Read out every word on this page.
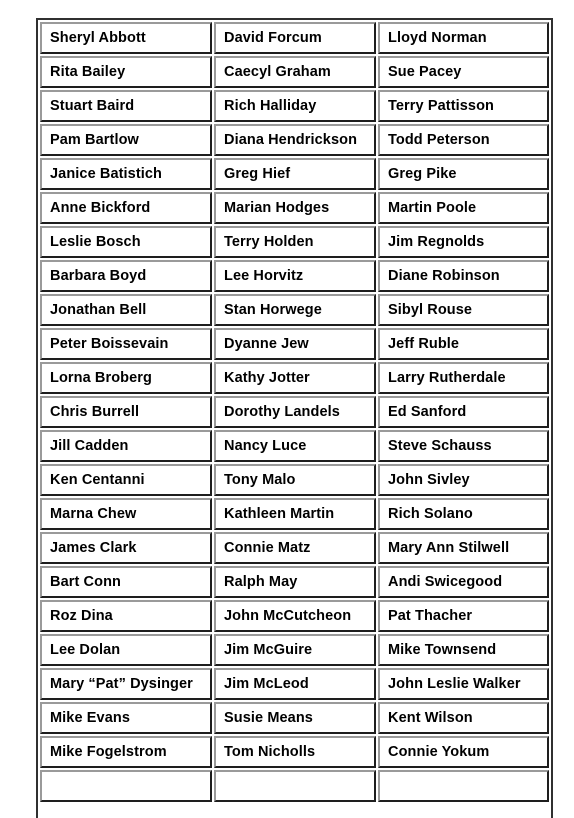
Sheryl Abbott	David Forcum	Lloyd Norman
Rita Bailey	Caecyl Graham	Sue Pacey
Stuart Baird	Rich Halliday	Terry Pattisson
Pam Bartlow	Diana Hendrickson	Todd Peterson
Janice Batistich	Greg Hief	Greg Pike
Anne Bickford	Marian Hodges	Martin Poole
Leslie Bosch	Terry Holden	Jim Regnolds
Barbara Boyd	Lee Horvitz	Diane Robinson
Jonathan Bell	Stan Horwege	Sibyl Rouse
Peter Boissevain	Dyanne Jew	Jeff Ruble
Lorna Broberg	Kathy Jotter	Larry Rutherdale
Chris Burrell	Dorothy Landels	Ed Sanford
Jill Cadden	Nancy Luce	Steve Schauss
Ken Centanni	Tony Malo	John Sivley
Marna Chew	Kathleen Martin	Rich Solano
James Clark	Connie Matz	Mary Ann Stilwell
Bart Conn	Ralph May	Andi Swicegood
Roz Dina	John McCutcheon	Pat Thacher
Lee Dolan	Jim McGuire	Mike Townsend
Mary “Pat” Dysinger	Jim McLeod	John Leslie Walker
Mike Evans	Susie Means	Kent Wilson
Mike Fogelstrom	Tom Nicholls	Connie Yokum
